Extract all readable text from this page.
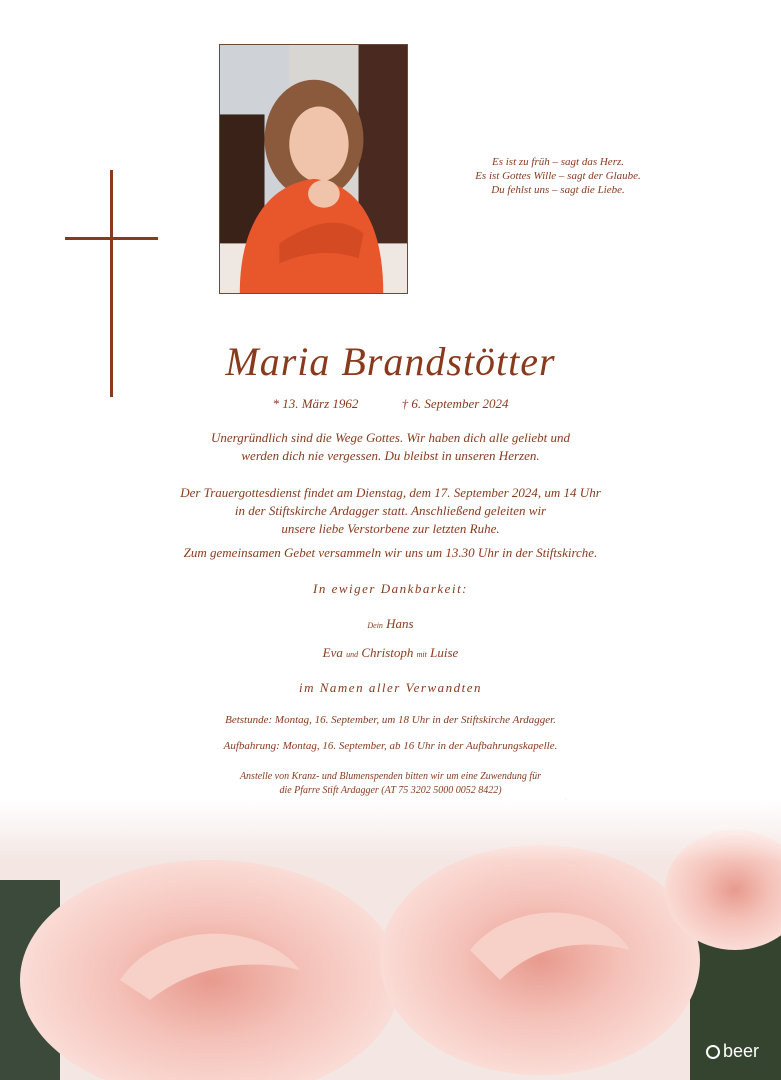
Es ist zu früh – sagt das Herz.
Es ist Gottes Wille – sagt der Glaube.
Du fehlst uns – sagt die Liebe.
Maria Brandstötter
* 13. März 1962	† 6. September 2024
Unergründlich sind die Wege Gottes. Wir haben dich alle geliebt und
werden dich nie vergessen. Du bleibst in unseren Herzen.
Der Trauergottesdienst findet am Dienstag, dem 17. September 2024, um 14 Uhr
in der Stiftskirche Ardagger statt. Anschließend geleiten wir
unsere liebe Verstorbene zur letzten Ruhe.
Zum gemeinsamen Gebet versammeln wir uns um 13.30 Uhr in der Stiftskirche.
In ewiger Dankbarkeit:
Dein Hans
Eva und Christoph mit Luise
im Namen aller Verwandten
Betstunde: Montag, 16. September, um 18 Uhr in der Stiftskirche Ardagger.
Aufbahrung: Montag, 16. September, ab 16 Uhr in der Aufbahrungskapelle.
Anstelle von Kranz- und Blumenspenden bitten wir um eine Zuwendung für
die Pfarre Stift Ardagger (AT 75 3202 5000 0052 8422)
beer
